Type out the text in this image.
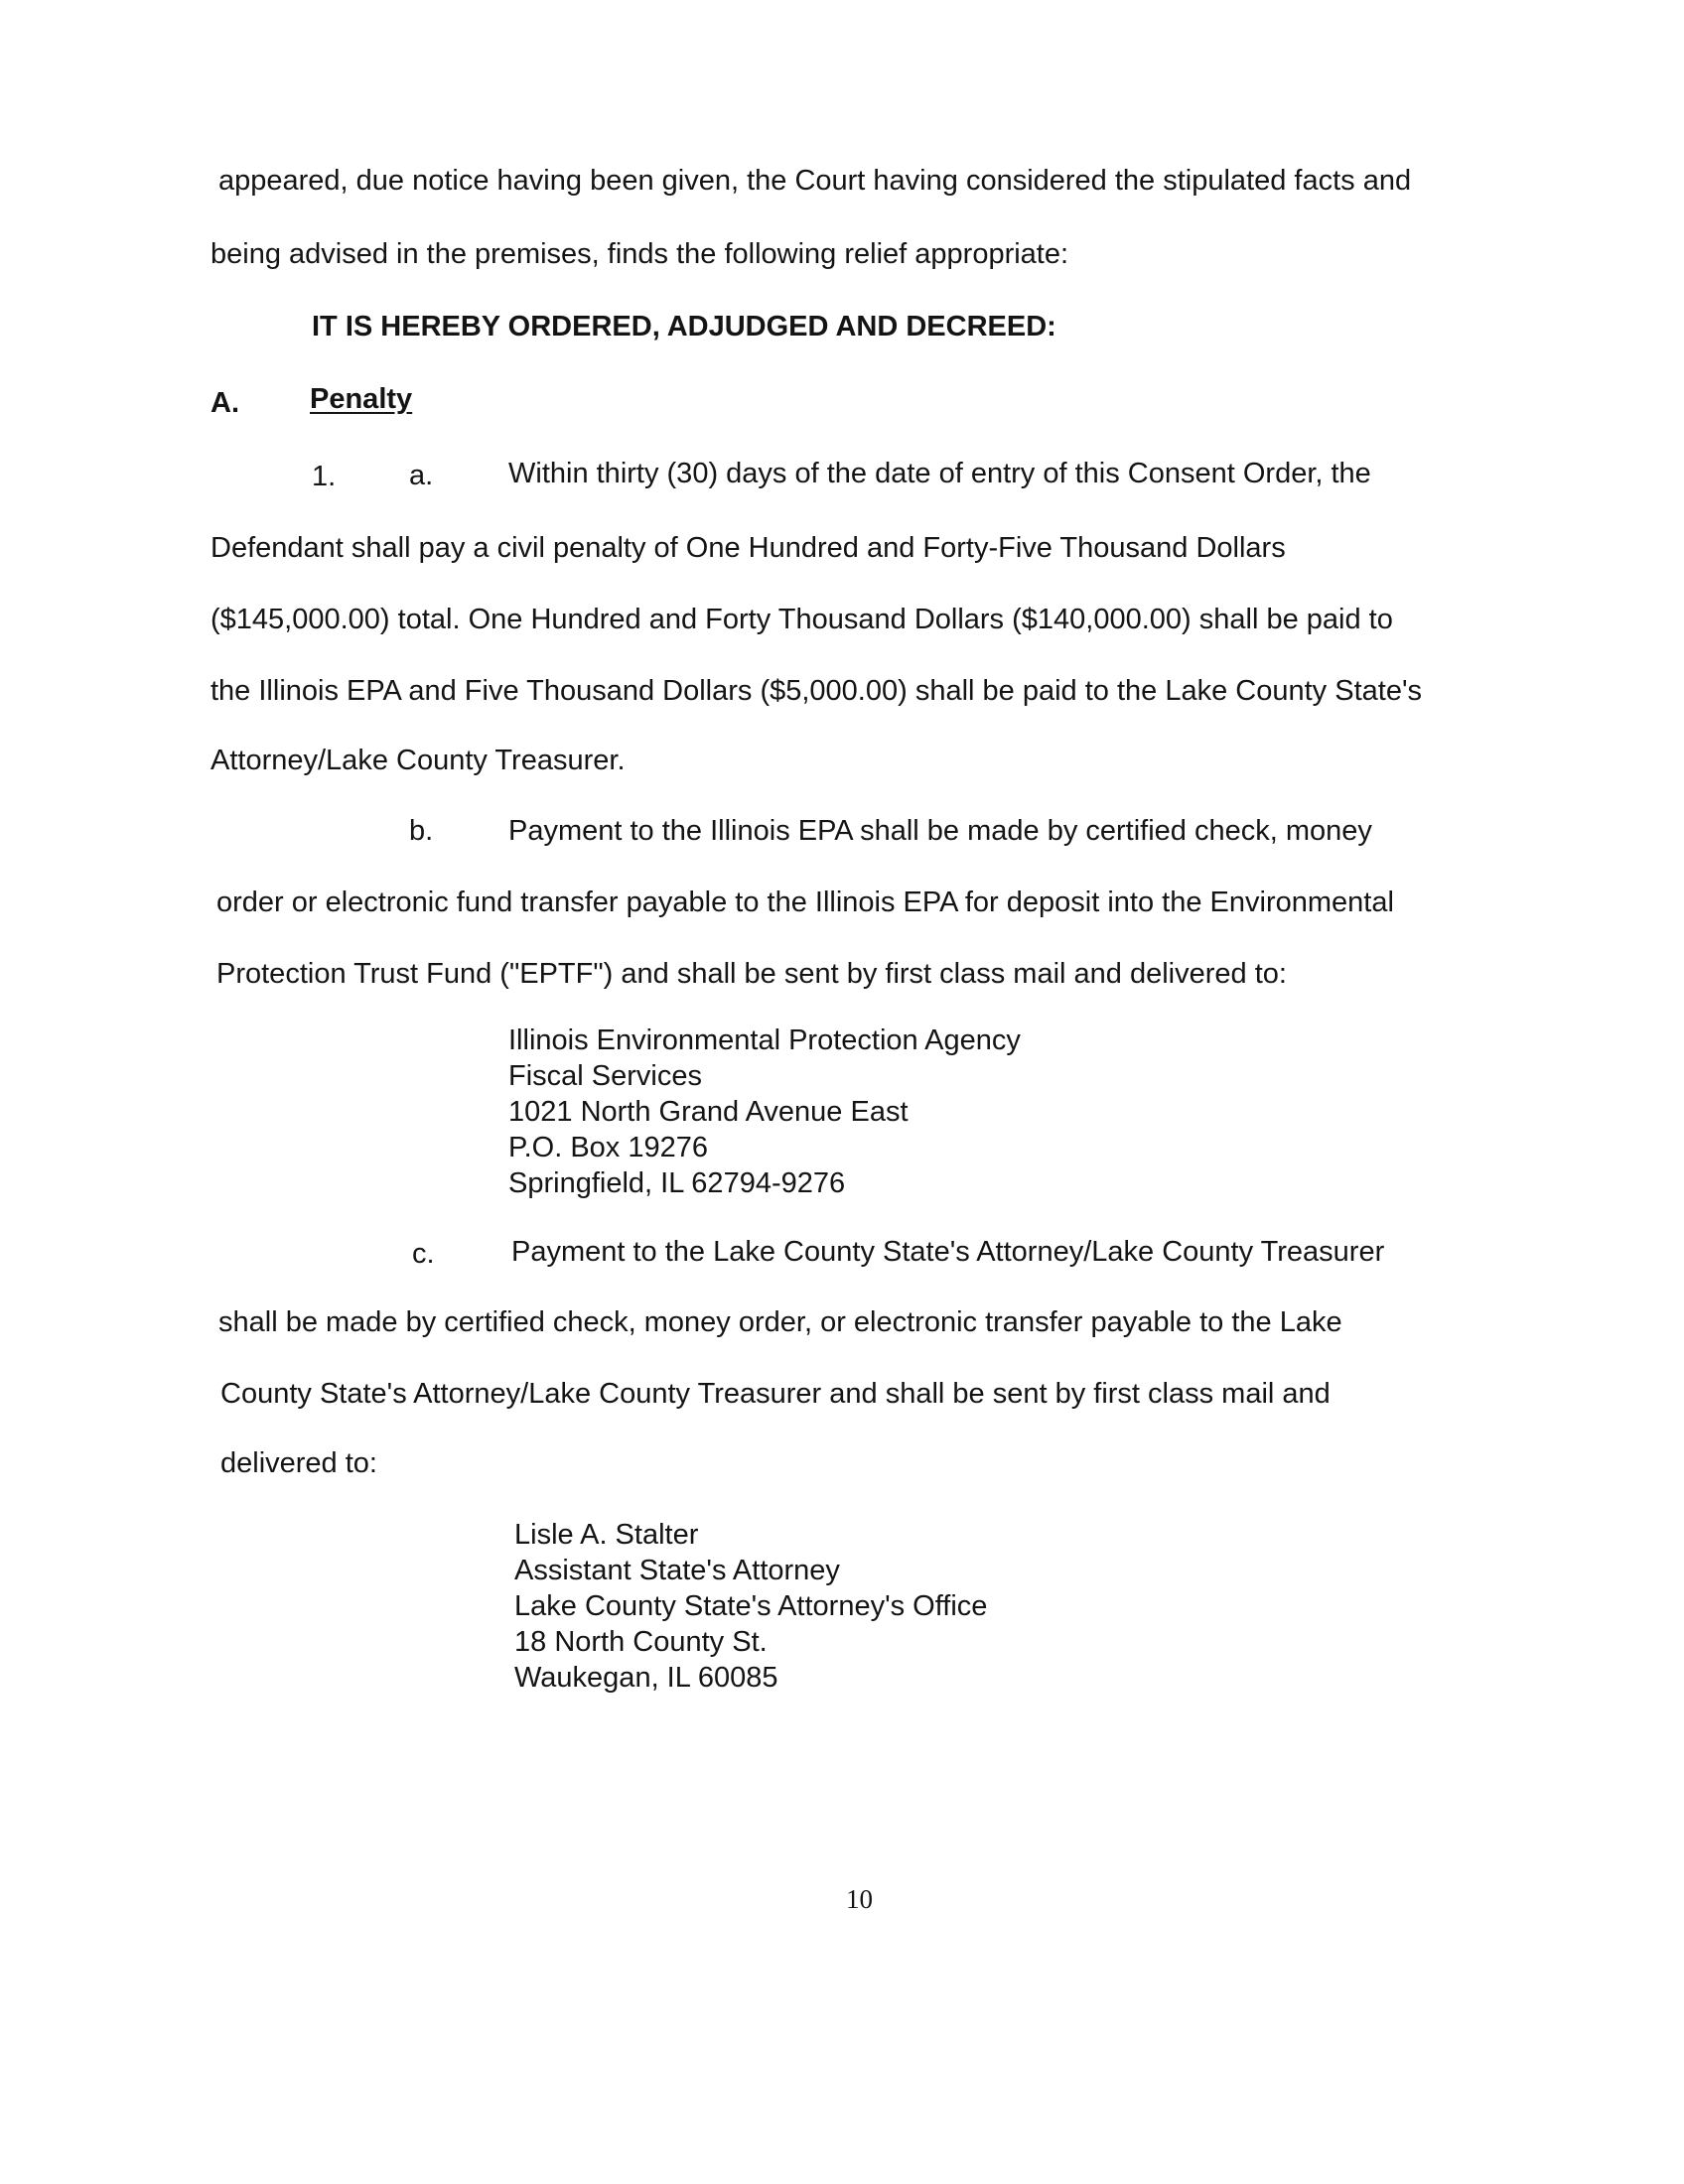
appeared, due notice having been given, the Court having considered the stipulated facts and
being advised in the premises, finds the following relief appropriate:
IT IS HEREBY ORDERED, ADJUDGED AND DECREED:
A. Penalty
1.	a.	Within thirty (30) days of the date of entry of this Consent Order, the
Defendant shall pay a civil penalty of One Hundred and Forty-Five Thousand Dollars
($145,000.00) total. One Hundred and Forty Thousand Dollars ($140,000.00) shall be paid to
the Illinois EPA and Five Thousand Dollars ($5,000.00) shall be paid to the Lake County State's
Attorney/Lake County Treasurer.
b.	Payment to the Illinois EPA shall be made by certified check, money
order or electronic fund transfer payable to the Illinois EPA for deposit into the Environmental
Protection Trust Fund ("EPTF") and shall be sent by first class mail and delivered to:
Illinois Environmental Protection Agency
Fiscal Services
1021 North Grand Avenue East
P.O. Box 19276
Springfield, IL 62794-9276
c.	Payment to the Lake County State's Attorney/Lake County Treasurer
shall be made by certified check, money order, or electronic transfer payable to the Lake
County State's Attorney/Lake County Treasurer and shall be sent by first class mail and
delivered to:
Lisle A. Stalter
Assistant State's Attorney
Lake County State's Attorney's Office
18 North County St.
Waukegan, IL 60085
10
